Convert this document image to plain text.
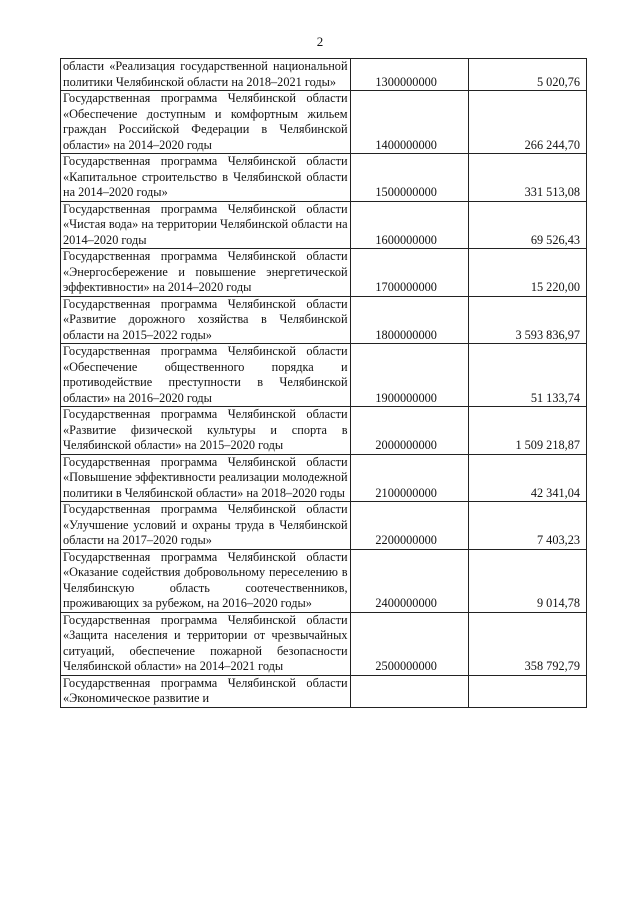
2
области «Реализация государственной национальной политики Челябинской области на 2018–2021 годы»	1300000000	5 020,76

Государственная программа Челябинской области «Обеспечение доступным и комфортным жильем граждан Российской Федерации в Челябинской области» на 2014–2020 годы	1400000000	266 244,70

Государственная программа Челябинской области «Капитальное строительство в Челябинской области на 2014–2020 годы»	1500000000	331 513,08

Государственная программа Челябинской области «Чистая вода» на территории Челябинской области на 2014–2020 годы	1600000000	69 526,43

Государственная программа Челябинской области «Энергосбережение и повышение энергетической эффективности» на 2014–2020 годы	1700000000	15 220,00

Государственная программа Челябинской области «Развитие дорожного хозяйства в Челябинской области на 2015–2022 годы»	1800000000	3 593 836,97

Государственная программа Челябинской области «Обеспечение общественного порядка и противодействие преступности в Челябинской области» на 2016–2020 годы	1900000000	51 133,74

Государственная программа Челябинской области «Развитие физической культуры и спорта в Челябинской области» на 2015–2020 годы	2000000000	1 509 218,87

Государственная программа Челябинской области «Повышение эффективности реализации молодежной политики в Челябинской области» на 2018–2020 годы	2100000000	42 341,04

Государственная программа Челябинской области «Улучшение условий и охраны труда в Челябинской области на 2017–2020 годы»	2200000000	7 403,23

Государственная программа Челябинской области «Оказание содействия добровольному переселению в Челябинскую область соотечественников, проживающих за рубежом, на 2016–2020 годы»	2400000000	9 014,78

Государственная программа Челябинской области «Защита населения и территории от чрезвычайных ситуаций, обеспечение пожарной безопасности Челябинской области» на 2014–2021 годы	2500000000	358 792,79

Государственная программа Челябинской области «Экономическое развитие и		
